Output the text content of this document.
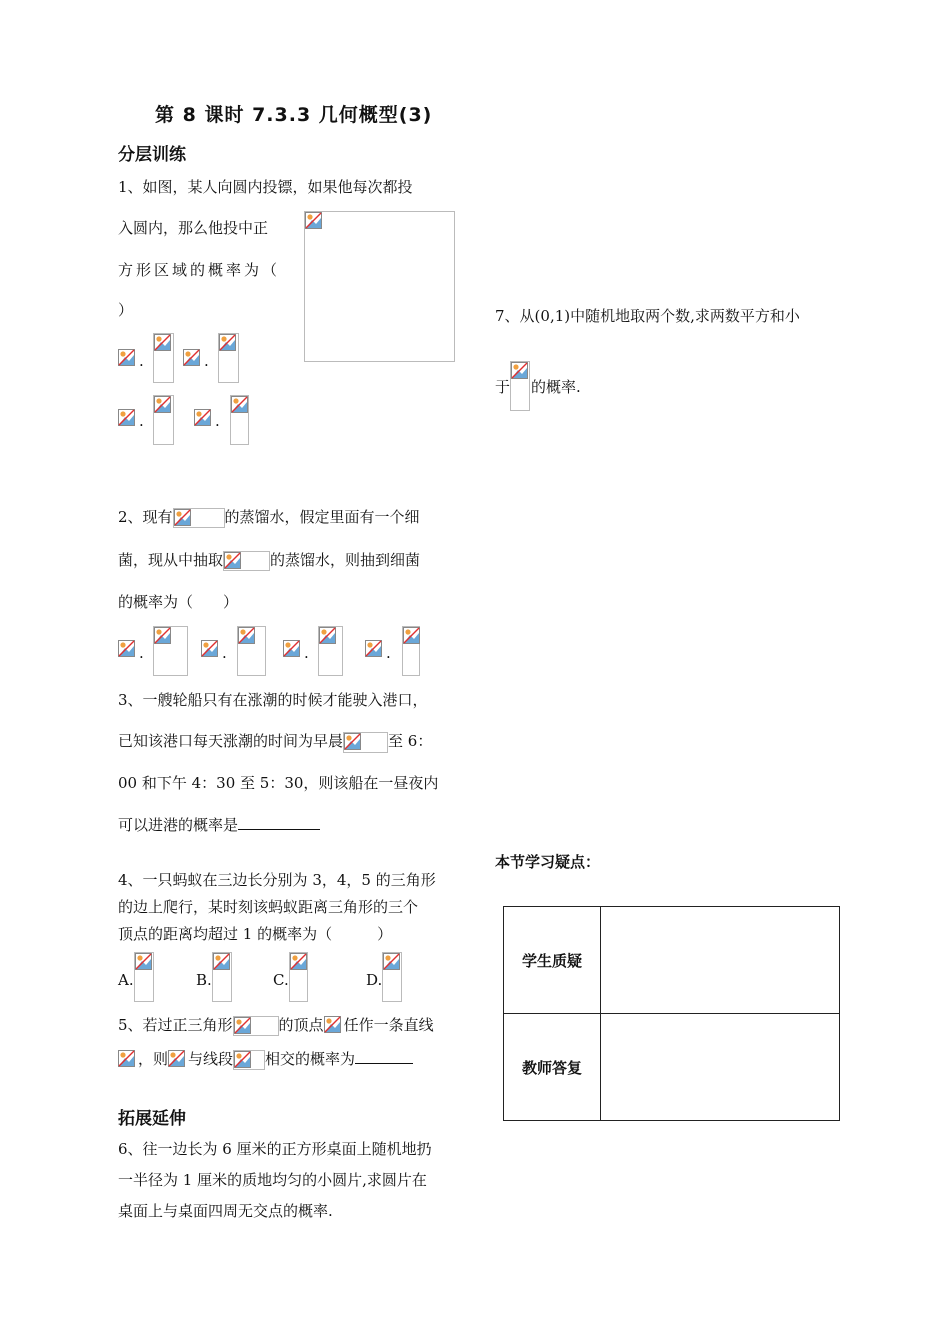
第 8 课时 7.3.3 几何概型(3)
分层训练
1、如图，某人向圆内投镖，如果他每次都投
入圆内，那么他投中正
方形区域的概率为（
）
.	.
.	.
2、现有	的蒸馏水，假定里面有一个细
菌，现从中抽取	的蒸馏水，则抽到细菌
的概率为（　　）
.	.	.	.
3、一艘轮船只有在涨潮的时候才能驶入港口，
已知该港口每天涨潮的时间为早晨	至 6：
00 和下午 4：30 至 5：30，则该船在一昼夜内
可以进港的概率是
4、一只蚂蚁在三边长分别为 3，4，5 的三角形
的边上爬行，某时刻该蚂蚁距离三角形的三个
顶点的距离均超过 1 的概率为（　　　）
A.	B.	C.	D.
5、若过正三角形	的顶点 任作一条直线
，则 与线段 相交的概率为
拓展延伸
6、往一边长为 6 厘米的正方形桌面上随机地扔
一半径为 1 厘米的质地均匀的小圆片,求圆片在
桌面上与桌面四周无交点的概率.
7、从(0,1)中随机地取两个数,求两数平方和小
于 的概率.
本节学习疑点：
学生质疑	
教师答复	
